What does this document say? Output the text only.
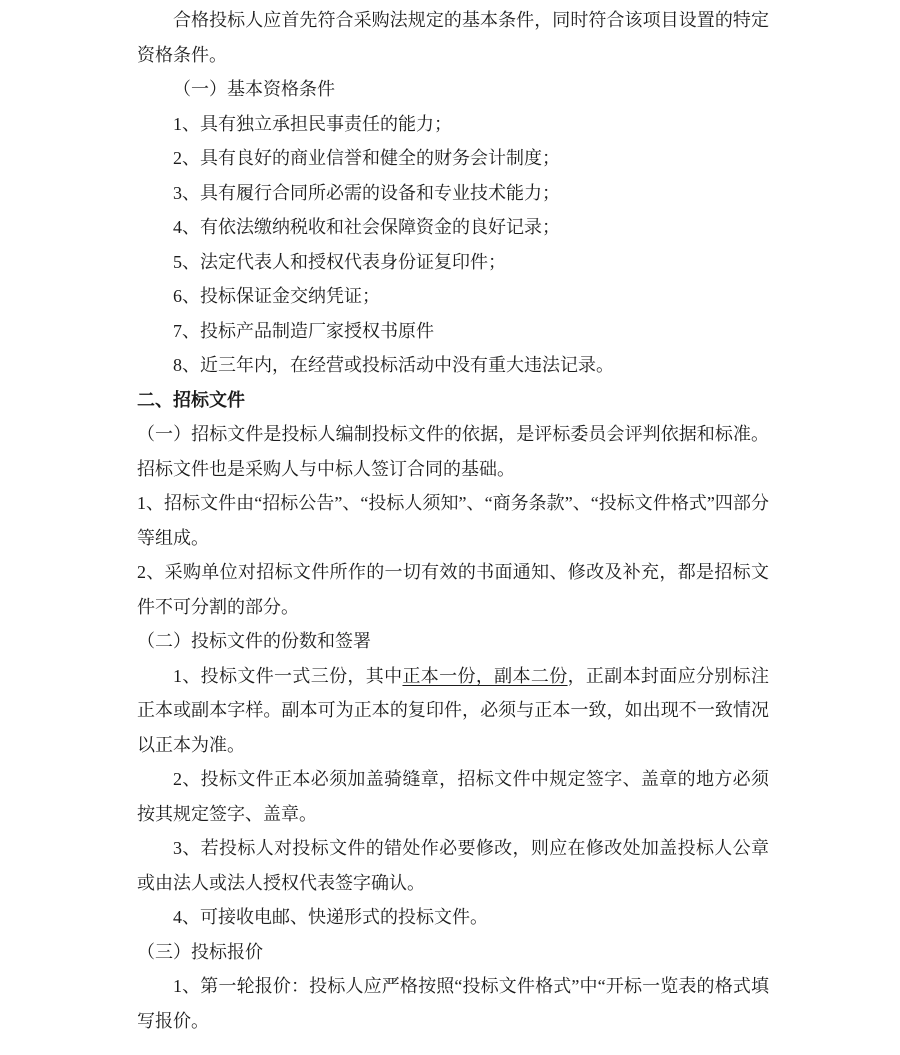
合格投标人应首先符合采购法规定的基本条件，同时符合该项目设置的特定资格条件。
（一）基本资格条件
1、具有独立承担民事责任的能力；
2、具有良好的商业信誉和健全的财务会计制度；
3、具有履行合同所必需的设备和专业技术能力；
4、有依法缴纳税收和社会保障资金的良好记录；
5、法定代表人和授权代表身份证复印件；
6、投标保证金交纳凭证；
7、投标产品制造厂家授权书原件
8、近三年内，在经营或投标活动中没有重大违法记录。
二、招标文件
（一）招标文件是投标人编制投标文件的依据，是评标委员会评判依据和标准。招标文件也是采购人与中标人签订合同的基础。
1、招标文件由“招标公告”、“投标人须知”、“商务条款”、“投标文件格式”四部分等组成。
2、采购单位对招标文件所作的一切有效的书面通知、修改及补充，都是招标文件不可分割的部分。
（二）投标文件的份数和签署
1、投标文件一式三份，其中正本一份，副本二份，正副本封面应分别标注正本或副本字样。副本可为正本的复印件，必须与正本一致，如出现不一致情况以正本为准。
2、投标文件正本必须加盖骑缝章，招标文件中规定签字、盖章的地方必须按其规定签字、盖章。
3、若投标人对投标文件的错处作必要修改，则应在修改处加盖投标人公章或由法人或法人授权代表签字确认。
4、可接收电邮、快递形式的投标文件。
（三）投标报价
1、第一轮报价：投标人应严格按照“投标文件格式”中“开标一览表的格式填写报价。
